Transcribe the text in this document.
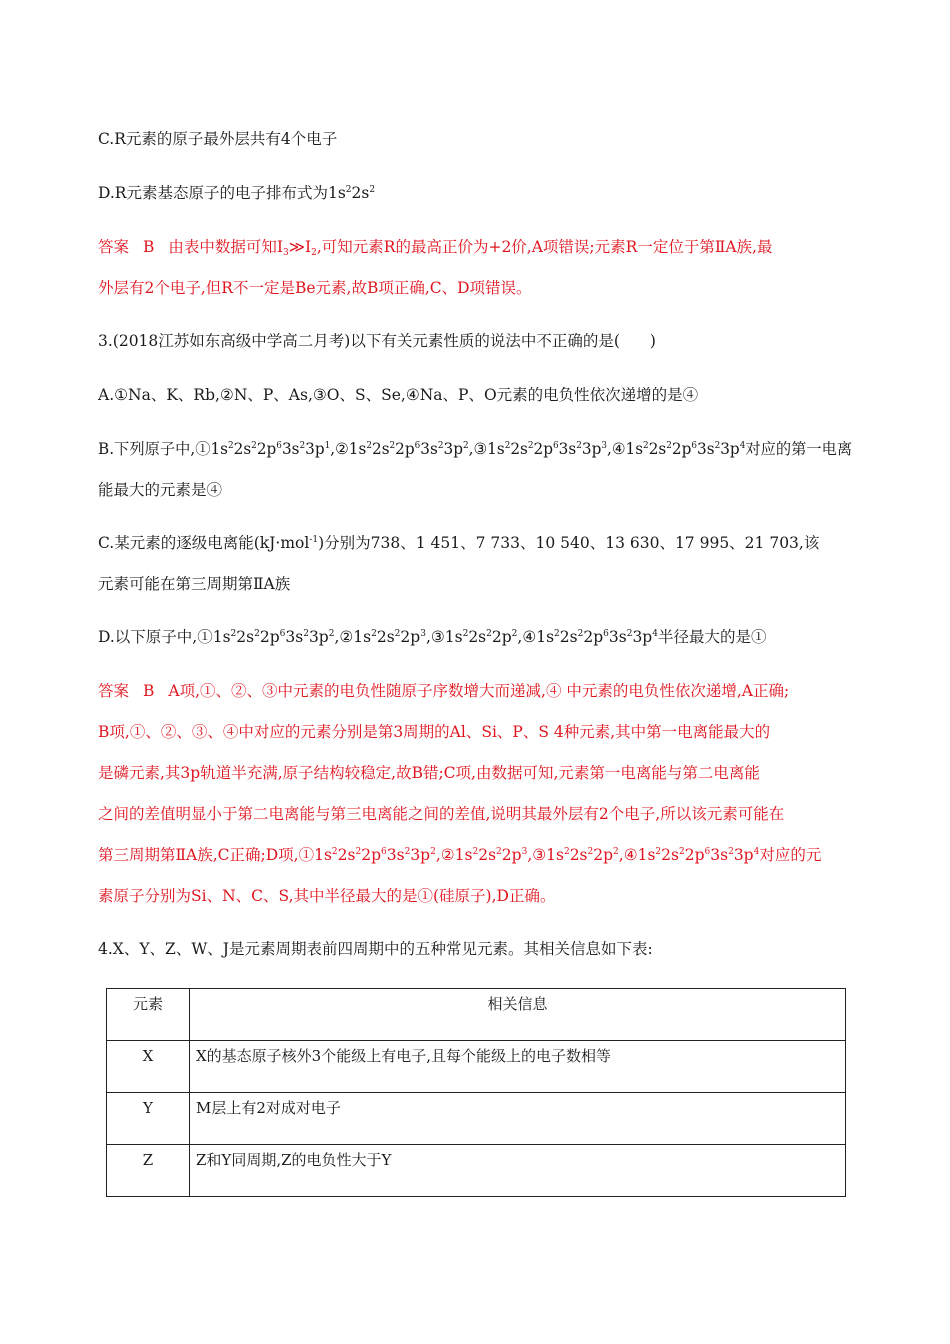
C.R元素的原子最外层共有4个电子
D.R元素基态原子的电子排布式为$1s^22s^2$
答案 B 由表中数据可知$I_3≫I_2$,可知元素R的最高正价为+2价,A项错误;元素R一定位于第ⅡA族,最
外层有2个电子,但R不一定是Be元素,故B项正确,C、D项错误。
3.(2018江苏如东高级中学高二月考)以下有关元素性质的说法中不正确的是( )
A.①Na、K、Rb,②N、P、As,③O、S、Se,④Na、P、O元素的电负性依次递增的是④
B.下列原子中$,①1s^22s^22p^63s^23p^1,②1s^22s^22p^63s^23p^2,③1s^22s^22p^63s^23p^3,④1s^22s^22p^63s^23p^4$对应的第一电离
能最大的元素是④
C.某元素的逐级电离能(kJ·mol$^{-1}$)分别为738、1 451、7 733、10 540、13 630、17 995、21 703,该
元素可能在第三周期第ⅡA族
D.以下原子中$,①1s^22s^22p^63s^23p^2,②1s^22s^22p^3,③1s^22s^22p^2,④1s^22s^22p^63s^23p^4$半径最大的是①
答案 B A项,①、②、③中元素的电负性随原子序数增大而递减,④ 中元素的电负性依次递增,A正确;
B项,①、②、③、④中对应的元素分别是第3周期的Al、Si、P、S 4种元素,其中第一电离能最大的
是磷元素,其3p轨道半充满,原子结构较稳定,故B错;C项,由数据可知,元素第一电离能与第二电离能
之间的差值明显小于第二电离能与第三电离能之间的差值,说明其最外层有2个电子,所以该元素可能在
第三周期第ⅡA族,C正确;D项$,①1s^22s^22p^63s^23p^2,②1s^22s^22p^3,③1s^22s^22p^2,④1s^22s^22p^63s^23p^4$对应的元
素原子分别为Si、N、C、S,其中半径最大的是①(硅原子),D正确。
4.X、Y、Z、W、J是元素周期表前四周期中的五种常见元素。其相关信息如下表:
元素	相关信息
X	X的基态原子核外3个能级上有电子,且每个能级上的电子数相等
Y	M层上有2对成对电子
Z	Z和Y同周期,Z的电负性大于Y
